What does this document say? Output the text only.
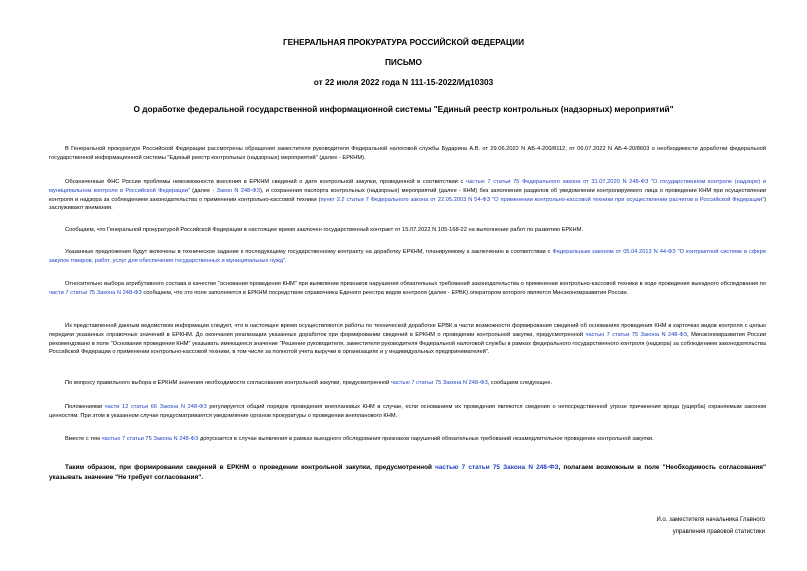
ГЕНЕРАЛЬНАЯ ПРОКУРАТУРА РОССИЙСКОЙ ФЕДЕРАЦИИ
ПИСЬМО
от 22 июля 2022 года N 111-15-2022/Ид10303
О доработке федеральной государственной информационной системы "Единый реестр контрольных (надзорных) мероприятий"

В Генеральной прокуратуре Российской Федерации рассмотрены обращения заместителя руководителя Федеральной налоговой службы Бударина А.В. от 29.06.2022 N АБ-4-200/8112, от 06.07.2022 N АБ-4-20/8603 о необходимости доработки федеральной государственной информационной системы "Единый реестр контрольных (надзорных) мероприятий" (далее - ЕРКНМ).

Обозначенные ФНС России проблемы невозможности внесения в ЕРКНМ сведений о дате контрольной закупки, проведенной в соответствии с частью 7 статьи 75 Федерального закона от 31.07.2020 N 248-ФЗ "О государственном контроле (надзоре) и муниципальном контроле в Российской Федерации" (далее - Закон N 248-ФЗ), и сохранения паспорта контрольных (надзорных) мероприятий (далее - КНМ) без заполнения разделов об уведомлении контролируемого лица о проведении КНМ при осуществлении контроля и надзора за соблюдением законодательства о применении контрольно-кассовой техники (пункт 2.2 статьи 7 Федерального закона от 22.05.2003 N 54-ФЗ "О применении контрольно-кассовой техники при осуществлении расчетов в Российской Федерации") заслуживают внимания.

Сообщаем, что Генеральной прокуратурой Российской Федерации в настоящее время заключен государственный контракт от 15.07.2022 N 105-168-22 на выполнение работ по развитию ЕРКНМ.

Указанные предложения будут включены в техническое задание к последующему государственному контракту на доработку ЕРКНМ, планируемому к заключению в соответствии с Федеральным законом от 05.04.2013 N 44-ФЗ "О контрактной системе в сфере закупок товаров, работ, услуг для обеспечения государственных и муниципальных нужд".

Относительно выбора атрибутивного состава в качестве "основания проведения КНМ" при выявлении признаков нарушения обязательных требований законодательства о применении контрольно-кассовой техники в ходе проведения выездного обследования по части 7 статьи 75 Закона N 248-ФЗ сообщаем, что это поле заполняется в ЕРКНМ посредством справочника Единого реестра видов контроля (далее - ЕРВК) оператором которого является Минэкономразвития России.

Из представленной данным ведомством информации следует, что в настоящее время осуществляются работы по технической доработке ЕРВК в части возможности формирования сведений об основаниях проведения КНМ в карточках видов контроля с целью передачи указанных справочных значений в ЕРКНМ. До окончания реализации указанных доработок при формировании сведений в ЕРКНМ о проведении контрольной закупки, предусмотренной частью 7 статьи 75 Закона N 248-ФЗ, Минэкономразвития России рекомендовано в поле "Основания проведения КНМ" указывать имеющееся значение "Решение руководителя, заместителя руководителя Федеральной налоговой службы в рамках федерального государственного контроля (надзора) за соблюдением законодательства Российской Федерации о применении контрольно-кассовой техники, в том числе за полнотой учета выручки в организациях и у индивидуальных предпринимателей".

По вопросу правильного выбора в ЕРКНМ значения необходимости согласования контрольной закупки, предусмотренной частью 7 статьи 75 Закона N 248-ФЗ, сообщаем следующее.

Положениями части 12 статьи 66 Закона N 248-ФЗ регулируется общий порядок проведения внеплановых КНМ в случае, если основанием их проведения являются сведения о непосредственной угрозе причинения вреда (ущерба) охраняемым законом ценностям. При этом в указанном случае предусматривается уведомление органов прокуратуры о проведении внепланового КНМ.

Вместе с тем частью 7 статьи 75 Закона N 248-ФЗ допускается в случае выявления в рамках выездного обследования признаков нарушений обязательных требований незамедлительное проведение контрольной закупки.

Таким образом, при формировании сведений в ЕРКНМ о проведении контрольной закупки, предусмотренной частью 7 статьи 75 Закона N 248-ФЗ, полагаем возможным в поле "Необходимость согласования" указывать значение "Не требует согласования".

И.о. заместителя начальника Главного
управления правовой статистики
